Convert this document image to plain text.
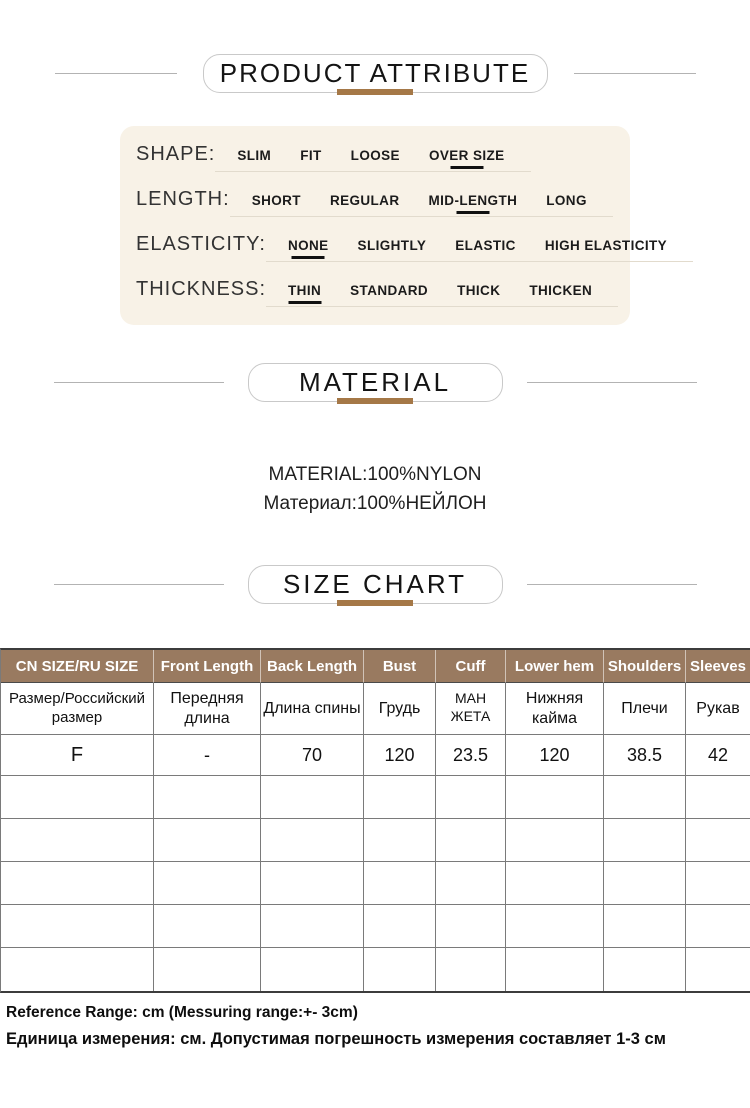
PRODUCT ATTRIBUTE
SHAPE: SLIM FIT LOOSE OVER SIZE
LENGTH: SHORT REGULAR MID-LENGTH LONG
ELASTICITY: NONE SLIGHTLY ELASTIC HIGH ELASTICITY
THICKNESS: THIN STANDARD THICK THICKEN
MATERIAL
MATERIAL:100%NYLON
Материал:100%НЕЙЛОН
SIZE CHART
CN SIZE/RU SIZE	Front Length	Back Length	Bust	Cuff	Lower hem	Shoulders	Sleeves
Размер/Российский размер	Передняя длина	Длина спины	Грудь	МАНЖЕТА	Нижняя кайма	Плечи	Рукав
F	-	70	120	23.5	120	38.5	42

Reference Range: cm (Messuring range:+- 3cm)
Единица измерения: см. Допустимая погрешность измерения составляет 1-3 см
